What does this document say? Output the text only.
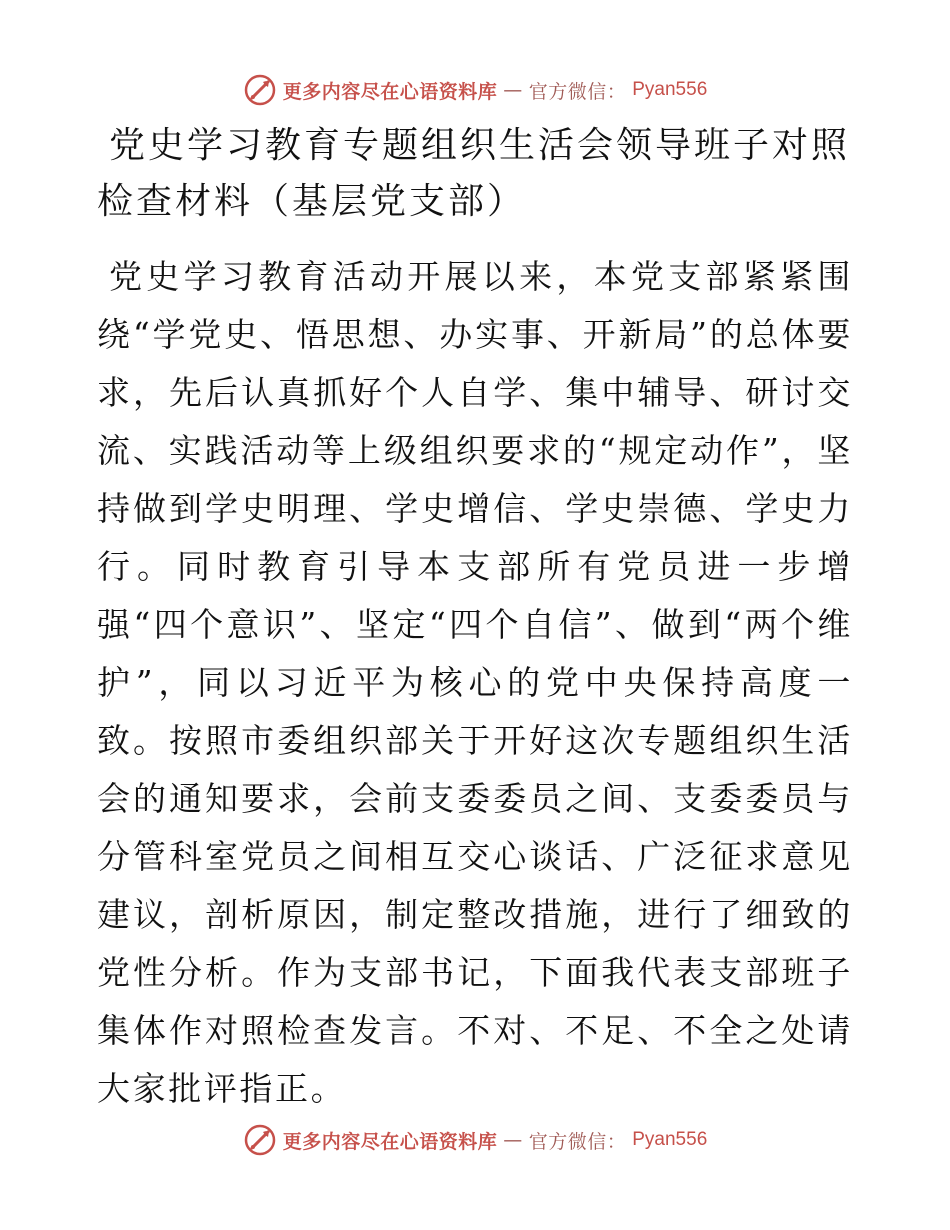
更多内容尽在心语资料库 — 官方微信： Pyan556
党史学习教育专题组织生活会领导班子对照检查材料（基层党支部）

党史学习教育活动开展以来，本党支部紧紧围绕“学党史、悟思想、办实事、开新局”的总体要求，先后认真抓好个人自学、集中辅导、研讨交流、实践活动等上级组织要求的“规定动作”，坚持做到学史明理、学史增信、学史崇德、学史力行。同时教育引导本支部所有党员进一步增强“四个意识”、坚定“四个自信”、做到“两个维护”，同以习近平为核心的党中央保持高度一致。按照市委组织部关于开好这次专题组织生活会的通知要求，会前支委委员之间、支委委员与分管科室党员之间相互交心谈话、广泛征求意见建议，剖析原因，制定整改措施，进行了细致的党性分析。作为支部书记，下面我代表支部班子集体作对照检查发言。不对、不足、不全之处请大家批评指正。

更多内容尽在心语资料库 — 官方微信： Pyan556
